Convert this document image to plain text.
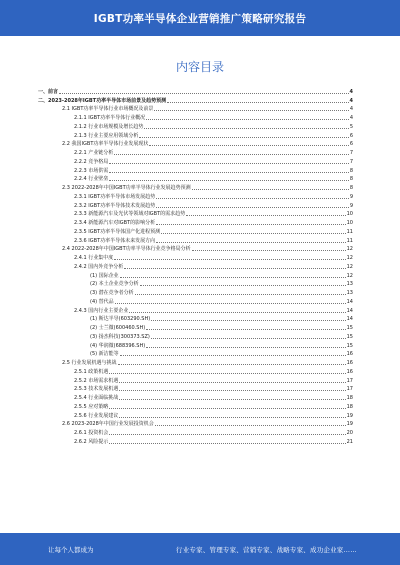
IGBT功率半导体企业营销推广策略研究报告
内容目录
一、前言	4
二、2023-2028年IGBT功率半导体市场前景及趋势预测	4
2.1 IGBT功率半导体行业市场概况及前景	4
2.1.1 IGBT功率半导体行业概况	4
2.1.2 行业市场规模及增长趋势	5
2.1.3 行业主要应用领域分析	6
2.2 我国IGBT功率半导体行业发展现状	6
2.2.1 产业链分析	7
2.2.2 竞争格局	7
2.2.3 市场供需	8
2.2.4 行业壁垒	8
2.3 2022-2028年中国IGBT功率半导体行业发展趋势预测	8
2.3.1 IGBT功率半导体市场发展趋势	9
2.3.2 IGBT功率半导体技术发展趋势	9
2.3.3 新能源汽车及光伏等领域对IGBT的需求趋势	10
2.3.4 新能源汽车对IGBT的影响分析	10
2.3.5 IGBT功率半导体国产化进程预测	11
2.3.6 IGBT功率半导体未来发展方向	11
2.4 2022-2028年中国IGBT功率半导体行业竞争格局分析	12
2.4.1 行业集中度	12
2.4.2 国内外竞争分析	12
(1) 国际企业	12
(2) 本土企业竞争分析	13
(3) 潜在竞争者分析	13
(4) 替代品	14
2.4.3 国内行业主要企业	14
(1) 斯达半导(603290.SH)	14
(2) 士兰微(600460.SH)	15
(3) 扬杰科技(300373.SZ)	15
(4) 华润微(688396.SH)	15
(5) 新洁能等	16
2.5 行业发展机遇与挑战	16
2.5.1 政策机遇	16
2.5.2 市场需求机遇	17
2.5.3 技术发展机遇	17
2.5.4 行业面临挑战	18
2.5.5 应对策略	18
2.5.6 行业发展建议	19
2.6 2023-2028年中国行业发展投资机会	19
2.6.1 投资机会	20
2.6.2 风险提示	21
让每个人都成为	行业专家、管理专家、营销专家、战略专家、成功企业家……
